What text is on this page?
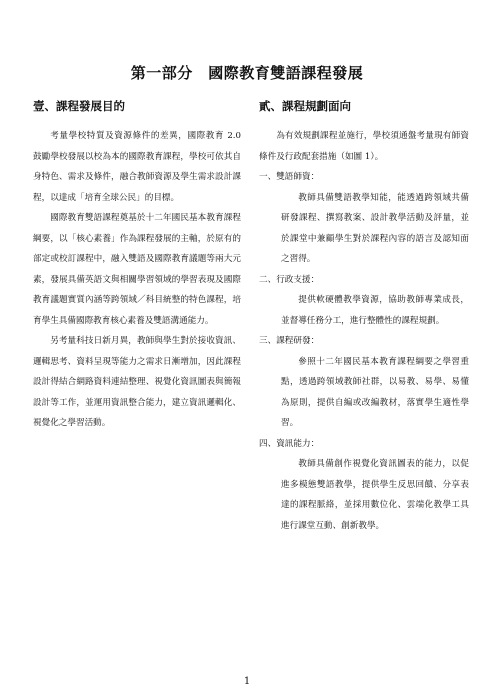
第一部分　國際教育雙語課程發展
壹、課程發展目的

考量學校特質及資源條件的差異，國際教育 2.0 鼓勵學校發展以校為本的國際教育課程，學校可依其自身特色、需求及條件，融合教師資源及學生需求設計課程，以達成「培育全球公民」的目標。

國際教育雙語課程奠基於十二年國民基本教育課程綱要，以「核心素養」作為課程發展的主軸，於原有的部定或校訂課程中，融入雙語及國際教育議題等兩大元素，發展具備英語文與相關學習領域的學習表現及國際教育議題實質內涵等跨領域／科目統整的特色課程，培育學生具備國際教育核心素養及雙語溝通能力。

另考量科技日新月異，教師與學生對於接收資訊、邏輯思考、資料呈現等能力之需求日漸增加，因此課程設計得結合網路資料連結整理、視覺化資訊圖表與簡報設計等工作，並運用資訊整合能力，建立資訊邏輯化、視覺化之學習活動。

貳、課程規劃面向

為有效規劃課程並施行，學校須通盤考量現有師資條件及行政配套措施（如圖 1）。

一、雙語師資：

教師具備雙語教學知能，能透過跨領域共備研發課程、撰寫教案、設計教學活動及評量，並於課堂中兼顧學生對於課程內容的語言及認知面之習得。

二、行政支援：

提供軟硬體教學資源，協助教師專業成長，並督導任務分工，進行整體性的課程規劃。

三、課程研發：

參照十二年國民基本教育課程綱要之學習重點，透過跨領域教師社群，以易教、易學、易懂為原則，提供自編或改編教材，落實學生適性學習。

四、資訊能力：

教師具備創作視覺化資訊圖表的能力，以促進多模態雙語教學，提供學生反思回饋、分享表達的課程脈絡，並採用數位化、雲端化教學工具進行課堂互動、創新教學。

1
